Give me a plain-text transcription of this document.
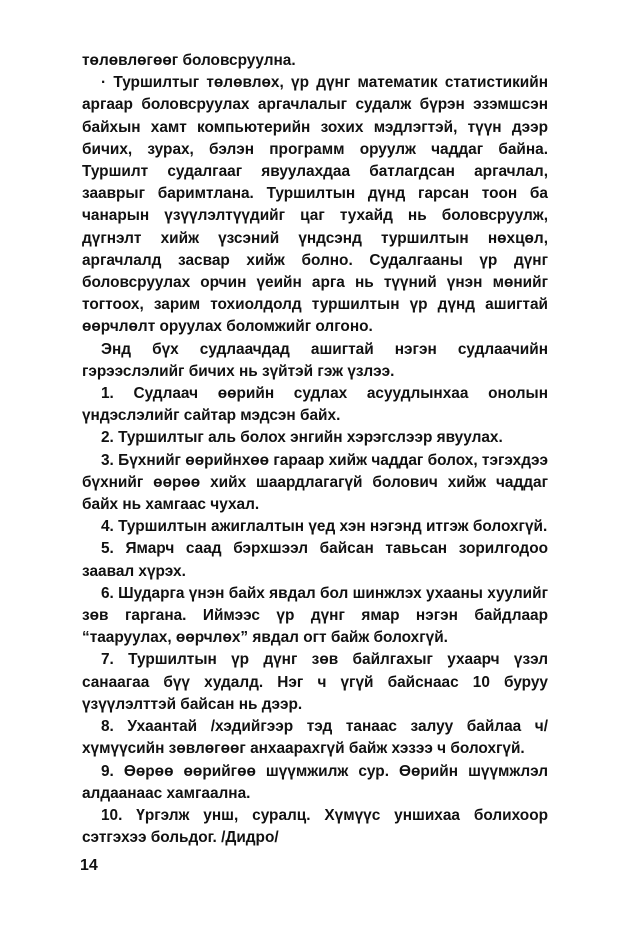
төлөвлөгөөг боловсруулна.

· Туршилтыг төлөвлөх, үр дүнг математик статистикийн аргаар боловсруулах аргачлалыг судалж бүрэн эзэмшсэн байхын хамт компьютерийн зохих мэдлэгтэй, түүн дээр бичих, зурах, бэлэн программ оруулж чаддаг байна. Туршилт судалгааг явуулахдаа батлагдсан аргачлал, зааврыг баримтлана. Туршилтын дүнд гарсан тоон ба чанарын үзүүлэлтүүдийг цаг тухайд нь боловсруулж, дүгнэлт хийж үзсэний үндсэнд туршилтын нөхцөл, аргачлалд засвар хийж болно. Судалгааны үр дүнг боловсруулах орчин үеийн арга нь түүний үнэн мөнийг тогтоох, зарим тохиолдолд туршилтын үр дүнд ашигтай өөрчлөлт оруулах боломжийг олгоно.

Энд бүх судлаачдад ашигтай нэгэн судлаачийн гэрээслэлийг бичих нь зүйтэй гэж үзлээ.

1. Судлаач өөрийн судлах асуудлынхаа онолын үндэслэлийг сайтар мэдсэн байх.

2. Туршилтыг аль болох энгийн хэрэгслээр явуулах.

3. Бүхнийг өөрийнхөө гараар хийж чаддаг болох, тэгэхдээ бүхнийг өөрөө хийх шаардлагагүй болович хийж чаддаг байх нь хамгаас чухал.

4. Туршилтын ажиглалтын үед хэн нэгэнд итгэж болохгүй.

5. Ямарч саад бэрхшээл байсан тавьсан зорилгодоо заавал хүрэх.

6. Шударга үнэн байх явдал бол шинжлэх ухааны хуулийг зөв гаргана. Иймээс үр дүнг ямар нэгэн байдлаар “тааруулах, өөрчлөх” явдал огт байж болохгүй.

7. Туршилтын үр дүнг зөв байлгахыг ухаарч үзэл санаагаа бүү худалд. Нэг ч үгүй байснаас 10 буруу үзүүлэлттэй байсан нь дээр.

8. Ухаантай /хэдийгээр тэд танаас залуу байлаа ч/ хүмүүсийн зөвлөгөөг анхаарахгүй байж хэзээ ч болохгүй.

9. Өөрөө өөрийгөө шүүмжилж сур. Өөрийн шүүмжлэл алдаанаас хамгаална.

10. Үргэлж унш, суралц. Хүмүүс уншихаа болихоор сэтгэхээ больдог. /Дидро/

14
